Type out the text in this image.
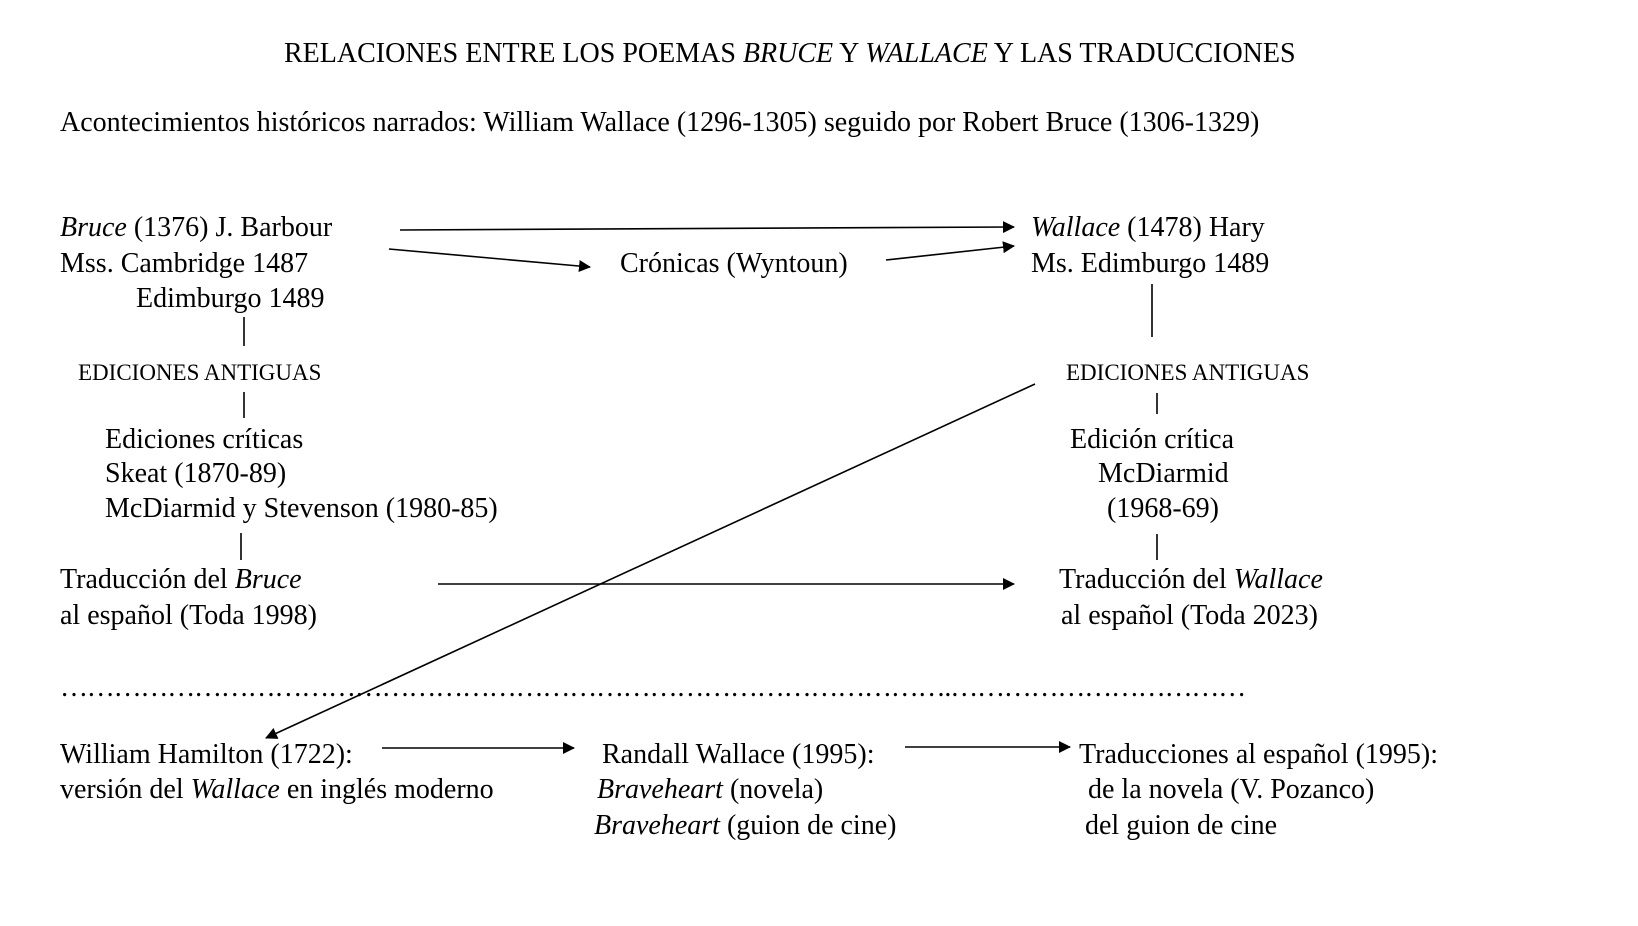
RELACIONES ENTRE LOS POEMAS BRUCE Y WALLACE Y LAS TRADUCCIONES
Acontecimientos históricos narrados: William Wallace (1296-1305) seguido por Robert Bruce (1306-1329)
Bruce (1376) J. Barbour
Mss. Cambridge 1487
Edimburgo 1489
EDICIONES ANTIGUAS
Ediciones críticas
Skeat (1870-89)
McDiarmid y Stevenson (1980-85)
Traducción del Bruce
al español (Toda 1998)
Crónicas (Wyntoun)
Wallace (1478) Hary
Ms. Edimburgo 1489
EDICIONES ANTIGUAS
Edición crítica
McDiarmid
(1968-69)
Traducción del Wallace
al español (Toda 2023)
……………………………………………………………………………………….……………………………
William Hamilton (1722):
versión del Wallace en inglés moderno
Randall Wallace (1995):
Braveheart (novela)
Braveheart (guion de cine)
Traducciones al español (1995):
de la novela (V. Pozanco)
del guion de cine
